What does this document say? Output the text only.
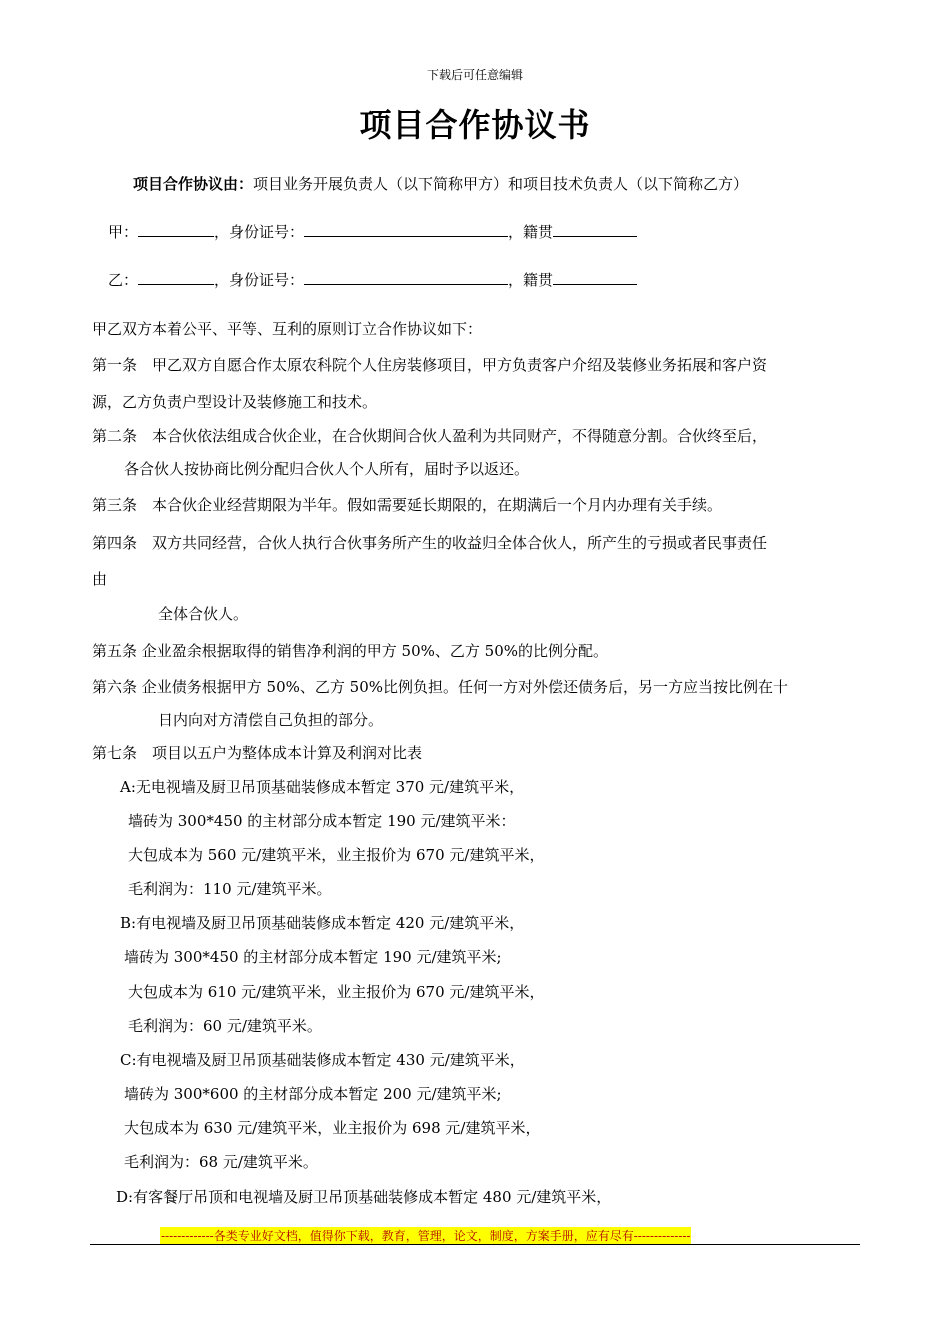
下载后可任意编辑
项目合作协议书
项目合作协议由：项目业务开展负责人（以下简称甲方）和项目技术负责人（以下简称乙方）
甲：	，身份证号：	，籍贯
乙：	，身份证号：	，籍贯
甲乙双方本着公平、平等、互利的原则订立合作协议如下：
第一条　甲乙双方自愿合作太原农科院个人住房装修项目，甲方负责客户介绍及装修业务拓展和客户资
源，乙方负责户型设计及装修施工和技术。
第二条　本合伙依法组成合伙企业，在合伙期间合伙人盈利为共同财产，不得随意分割。合伙终至后，
各合伙人按协商比例分配归合伙人个人所有，届时予以返还。
第三条　本合伙企业经营期限为半年。假如需要延长期限的，在期满后一个月内办理有关手续。
第四条　双方共同经营，合伙人执行合伙事务所产生的收益归全体合伙人，所产生的亏损或者民事责任
由
全体合伙人。
第五条 企业盈余根据取得的销售净利润的甲方 50%、乙方 50%的比例分配。
第六条 企业债务根据甲方 50%、乙方 50%比例负担。任何一方对外偿还债务后，另一方应当按比例在十
日内向对方清偿自己负担的部分。
第七条　项目以五户为整体成本计算及利润对比表
A:无电视墙及厨卫吊顶基础装修成本暂定 370 元/建筑平米，
墙砖为 300*450 的主材部分成本暂定 190 元/建筑平米：
大包成本为 560 元/建筑平米，业主报价为 670 元/建筑平米，
毛利润为：110 元/建筑平米。
B:有电视墙及厨卫吊顶基础装修成本暂定 420 元/建筑平米，
墙砖为 300*450 的主材部分成本暂定 190 元/建筑平米;
大包成本为 610 元/建筑平米，业主报价为 670 元/建筑平米，
毛利润为：60 元/建筑平米。
C:有电视墙及厨卫吊顶基础装修成本暂定 430 元/建筑平米，
墙砖为 300*600 的主材部分成本暂定 200 元/建筑平米;
大包成本为 630 元/建筑平米，业主报价为 698 元/建筑平米，
毛利润为：68 元/建筑平米。
D:有客餐厅吊顶和电视墙及厨卫吊顶基础装修成本暂定 480 元/建筑平米，
-------------各类专业好文档，值得你下载，教育，管理，论文，制度，方案手册，应有尽有--------------
